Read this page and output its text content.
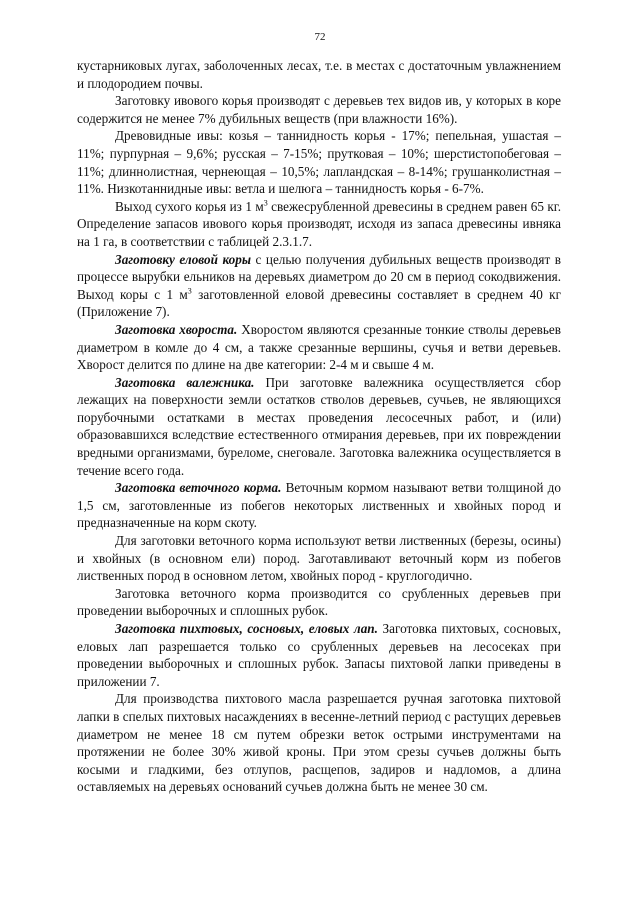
72

кустарниковых лугах, заболоченных лесах, т.е. в местах с достаточным увлажнением и плодородием почвы.

Заготовку ивового корья производят с деревьев тех видов ив, у которых в коре содержится не менее 7% дубильных веществ (при влажности 16%).

Древовидные ивы: козья – таннидность корья - 17%; пепельная, ушастая – 11%; пурпурная – 9,6%; русская – 7-15%; прутковая – 10%; шерстистопобеговая – 11%; длиннолистная, чернеющая – 10,5%; лапландская – 8-14%; грушанколистная – 11%. Низкотаннидные ивы: ветла и шелюга – таннидность корья - 6-7%.

Выход сухого корья из 1 $м^3$ свежесрубленной древесины в среднем равен 65 кг. Определение запасов ивового корья производят, исходя из запаса древесины ивняка на 1 га, в соответствии с таблицей 2.3.1.7.

Заготовку еловой коры с целью получения дубильных веществ производят в процессе вырубки ельников на деревьях диаметром до 20 см в период сокодвижения. Выход коры с 1 $м^3$ заготовленной еловой древесины составляет в среднем 40 кг (Приложение 7).

Заготовка хвороста. Хворостом являются срезанные тонкие стволы деревьев диаметром в комле до 4 см, а также срезанные вершины, сучья и ветви деревьев. Хворост делится по длине на две категории: 2-4 м и свыше 4 м.

Заготовка валежника. При заготовке валежника осуществляется сбор лежащих на поверхности земли остатков стволов деревьев, сучьев, не являющихся порубочными остатками в местах проведения лесосечных работ, и (или) образовавшихся вследствие естественного отмирания деревьев, при их повреждении вредными организмами, буреломе, снеговале. Заготовка валежника осуществляется в течение всего года.

Заготовка веточного корма. Веточным кормом называют ветви толщиной до 1,5 см, заготовленные из побегов некоторых лиственных и хвойных пород и предназначенные на корм скоту.

Для заготовки веточного корма используют ветви лиственных (березы, осины) и хвойных (в основном ели) пород. Заготавливают веточный корм из побегов лиственных пород в основном летом, хвойных пород - круглогодично.

Заготовка веточного корма производится со срубленных деревьев при проведении выборочных и сплошных рубок.

Заготовка пихтовых, сосновых, еловых лап. Заготовка пихтовых, сосновых, еловых лап разрешается только со срубленных деревьев на лесосеках при проведении выборочных и сплошных рубок. Запасы пихтовой лапки приведены в приложении 7.

Для производства пихтового масла разрешается ручная заготовка пихтовой лапки в спелых пихтовых насаждениях в весенне-летний период с растущих деревьев диаметром не менее 18 см путем обрезки веток острыми инструментами на протяжении не более 30% живой кроны. При этом срезы сучьев должны быть косыми и гладкими, без отлупов, расщепов, задиров и надломов, а длина оставляемых на деревьях оснований сучьев должна быть не менее 30 см.
